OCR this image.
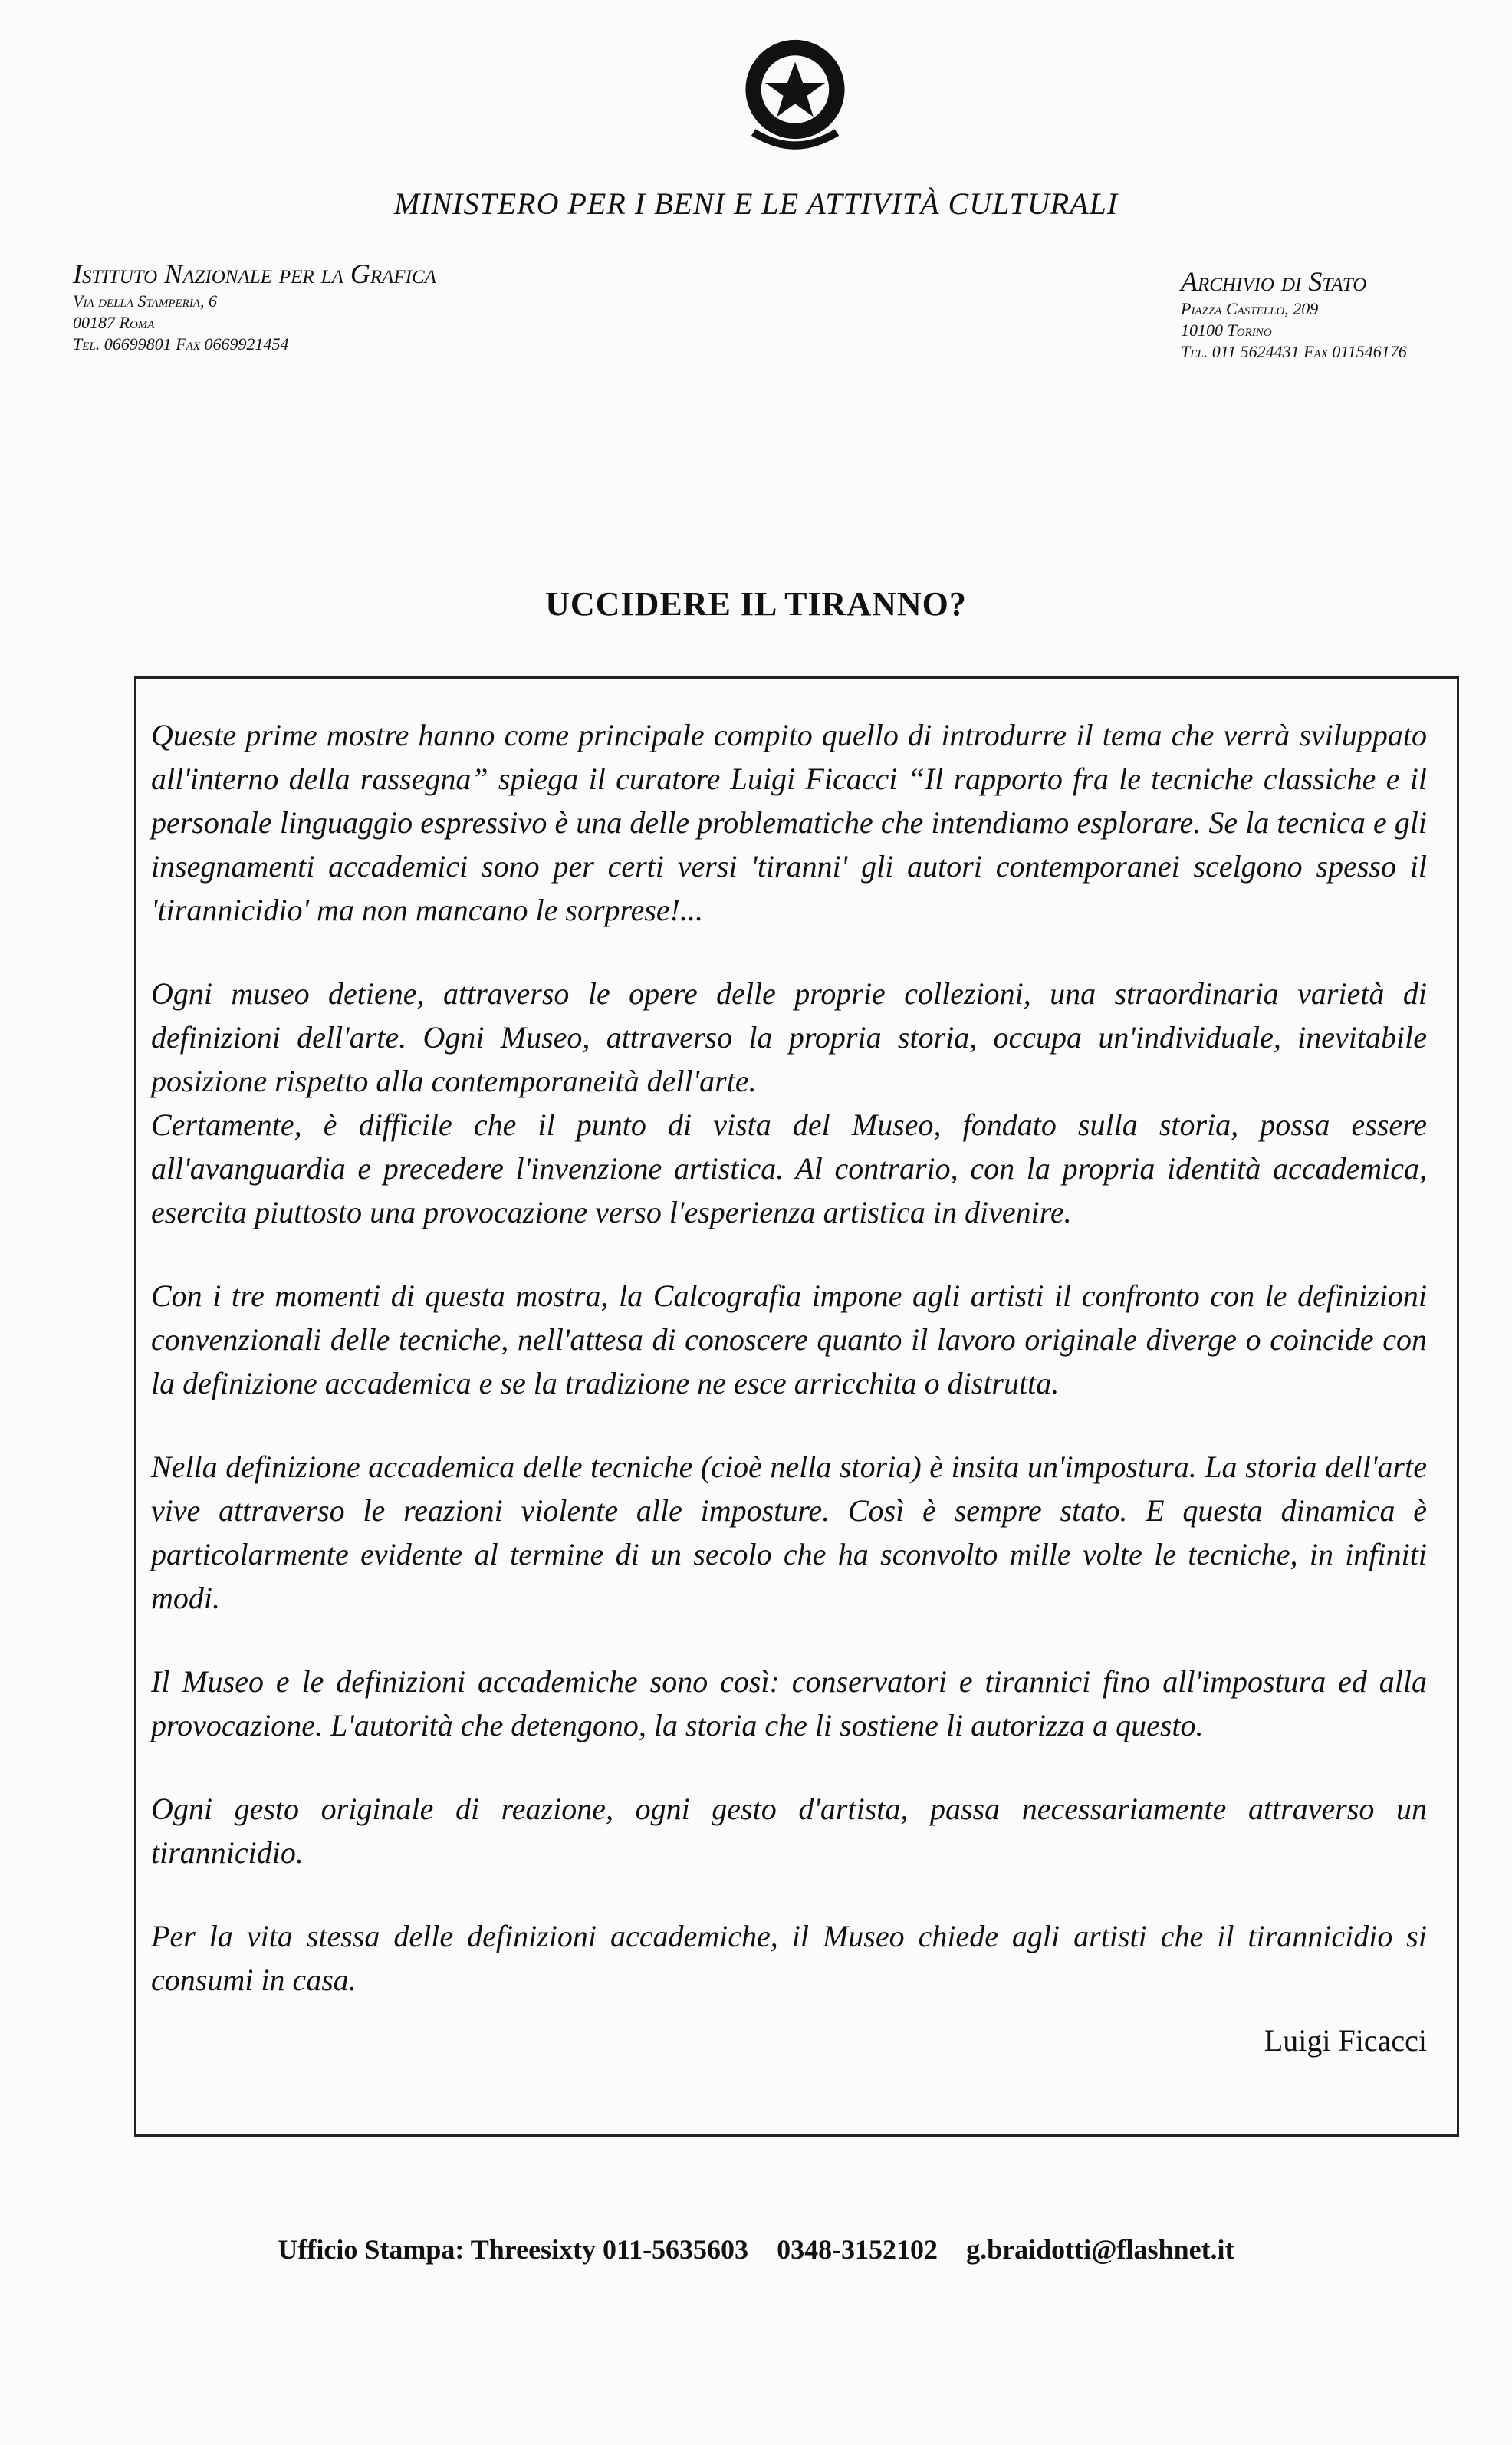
MINISTERO PER I BENI E LE ATTIVITÀ CULTURALI
Istituto Nazionale per la Grafica
Via della Stamperia, 6
00187 Roma
Tel. 06699801 Fax 0669921454
Archivio di Stato
Piazza Castello, 209
10100 Torino
Tel. 011 5624431 Fax 011546176
UCCIDERE IL TIRANNO?

Queste prime mostre hanno come principale compito quello di introdurre il tema che verrà sviluppato all'interno della rassegna” spiega il curatore Luigi Ficacci “Il rapporto fra le tecniche classiche e il personale linguaggio espressivo è una delle problematiche che intendiamo esplorare. Se la tecnica e gli insegnamenti accademici sono per certi versi 'tiranni' gli autori contemporanei scelgono spesso il 'tirannicidio' ma non mancano le sorprese!...

Ogni museo detiene, attraverso le opere delle proprie collezioni, una straordinaria varietà di definizioni dell'arte. Ogni Museo, attraverso la propria storia, occupa un'individuale, inevitabile posizione rispetto alla contemporaneità dell'arte.

Certamente, è difficile che il punto di vista del Museo, fondato sulla storia, possa essere all'avanguardia e precedere l'invenzione artistica. Al contrario, con la propria identità accademica, esercita piuttosto una provocazione verso l'esperienza artistica in divenire.

Con i tre momenti di questa mostra, la Calcografia impone agli artisti il confronto con le definizioni convenzionali delle tecniche, nell'attesa di conoscere quanto il lavoro originale diverge o coincide con la definizione accademica e se la tradizione ne esce arricchita o distrutta.

Nella definizione accademica delle tecniche (cioè nella storia) è insita un'impostura. La storia dell'arte vive attraverso le reazioni violente alle imposture. Così è sempre stato. E questa dinamica è particolarmente evidente al termine di un secolo che ha sconvolto mille volte le tecniche, in infiniti modi.

Il Museo e le definizioni accademiche sono così: conservatori e tirannici fino all'impostura ed alla provocazione. L'autorità che detengono, la storia che li sostiene li autorizza a questo.

Ogni gesto originale di reazione, ogni gesto d'artista, passa necessariamente attraverso un tirannicidio.

Per la vita stessa delle definizioni accademiche, il Museo chiede agli artisti che il tirannicidio si consumi in casa.

Luigi Ficacci
Ufficio Stampa: Threesixty 011-5635603 0348-3152102 g.braidotti@flashnet.it
